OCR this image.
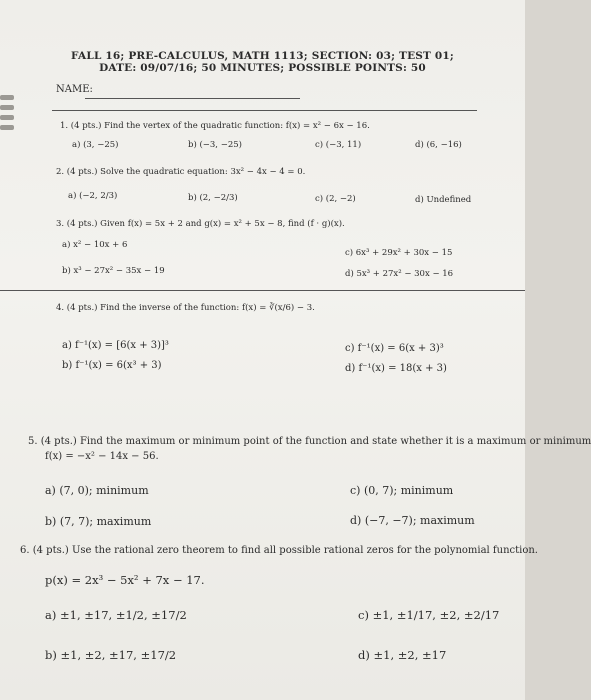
FALL 16; PRE-CALCULUS, MATH 1113; SECTION: 03; TEST 01;
DATE: 09/07/16; 50 MINUTES; POSSIBLE POINTS: 50
NAME:
1. (4 pts.) Find the vertex of the quadratic function: f(x) = x² − 6x − 16.
a) (3, −25)	b) (−3, −25)	c) (−3, 11)	d) (6, −16)
2. (4 pts.) Solve the quadratic equation: 3x² − 4x − 4 = 0.
a) (−2, 2/3)	b) (2, −2/3)	c) (2, −2)	d) Undefined
3. (4 pts.) Given f(x) = 5x + 2 and g(x) = x² + 5x − 8, find (f · g)(x).
a) x² − 10x + 6
b) x³ − 27x² − 35x − 19
c) 6x³ + 29x² + 30x − 15
d) 5x³ + 27x² − 30x − 16
4. (4 pts.) Find the inverse of the function: f(x) = ∛(x/6) − 3.
a) f⁻¹(x) = [6(x + 3)]³
b) f⁻¹(x) = 6(x³ + 3)
c) f⁻¹(x) = 6(x + 3)³
d) f⁻¹(x) = 18(x + 3)
5. (4 pts.) Find the maximum or minimum point of the function and state whether it is a maximum or minimum
f(x) = −x² − 14x − 56.
a) (7, 0); minimum
b) (7, 7); maximum
c) (0, 7); minimum
d) (−7, −7); maximum
6. (4 pts.) Use the rational zero theorem to find all possible rational zeros for the polynomial function.
p(x) = 2x³ − 5x² + 7x − 17.
a) ±1, ±17, ±1/2, ±17/2
b) ±1, ±2, ±17, ±17/2
c) ±1, ±1/17, ±2, ±2/17
d) ±1, ±2, ±17
